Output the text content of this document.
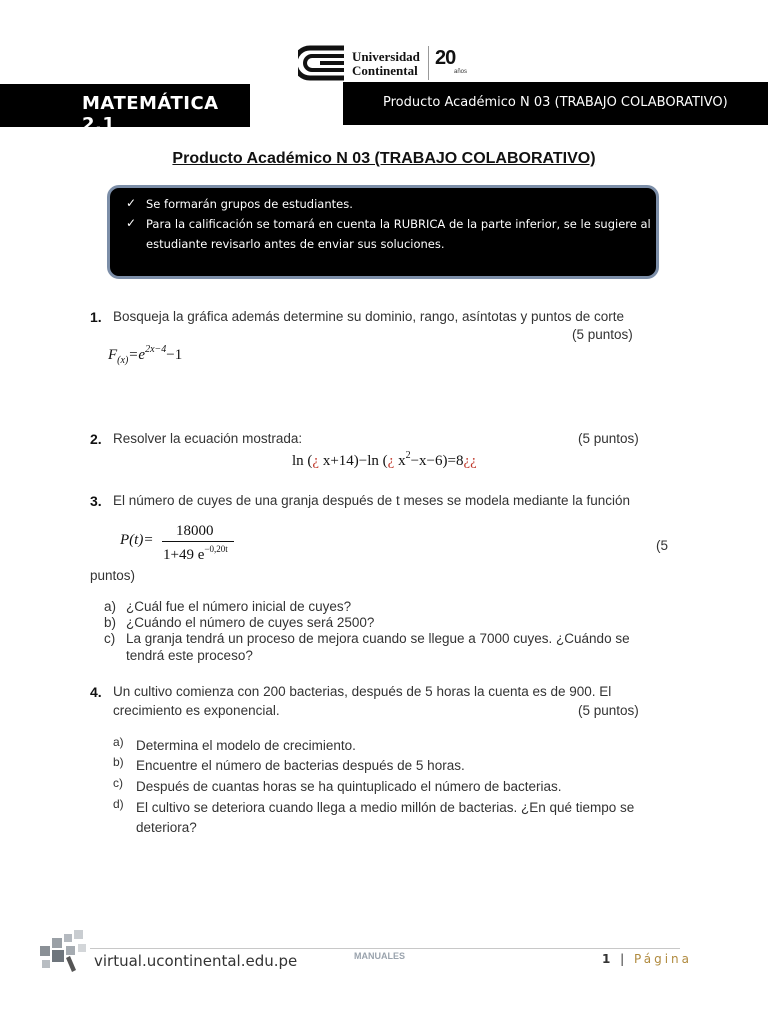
Universidad
Continental
20
años
MATEMÁTICA 2.1
Producto Académico N 03 (TRABAJO COLABORATIVO)
Producto Académico N 03 (TRABAJO COLABORATIVO)
✓ Se formarán grupos de estudiantes.
✓ Para la calificación se tomará en cuenta la RUBRICA de la parte inferior, se le sugiere al
estudiante revisarlo antes de enviar sus soluciones.
1. Bosqueja la gráfica además determine su dominio, rango, asíntotas y puntos de corte
(5 puntos)
$F_{(x)}=e^{2x-4}-1$
2. Resolver la ecuación mostrada:	(5 puntos)
ln (¿ x+14)−ln (¿ $x^2-x-6)=8¿¿$
3. El número de cuyes de una granja después de t meses se modela mediante la función
P(t)=
18000
1+49 $e^{-0,20t}$	(5
puntos)
a) ¿Cuál fue el número inicial de cuyes?
b) ¿Cuándo el número de cuyes será 2500?
c) La granja tendrá un proceso de mejora cuando se llegue a 7000 cuyes. ¿Cuándo se
tendrá este proceso?
4. Un cultivo comienza con 200 bacterias, después de 5 horas la cuenta es de 900. El
crecimiento es exponencial.	(5 puntos)
a) Determina el modelo de crecimiento.
b) Encuentre el número de bacterias después de 5 horas.
c) Después de cuantas horas se ha quintuplicado el número de bacterias.
d) El cultivo se deteriora cuando llega a medio millón de bacterias. ¿En qué tiempo se
deteriora?
virtual.ucontinental.edu.pe	MANUALES	1 | Página
